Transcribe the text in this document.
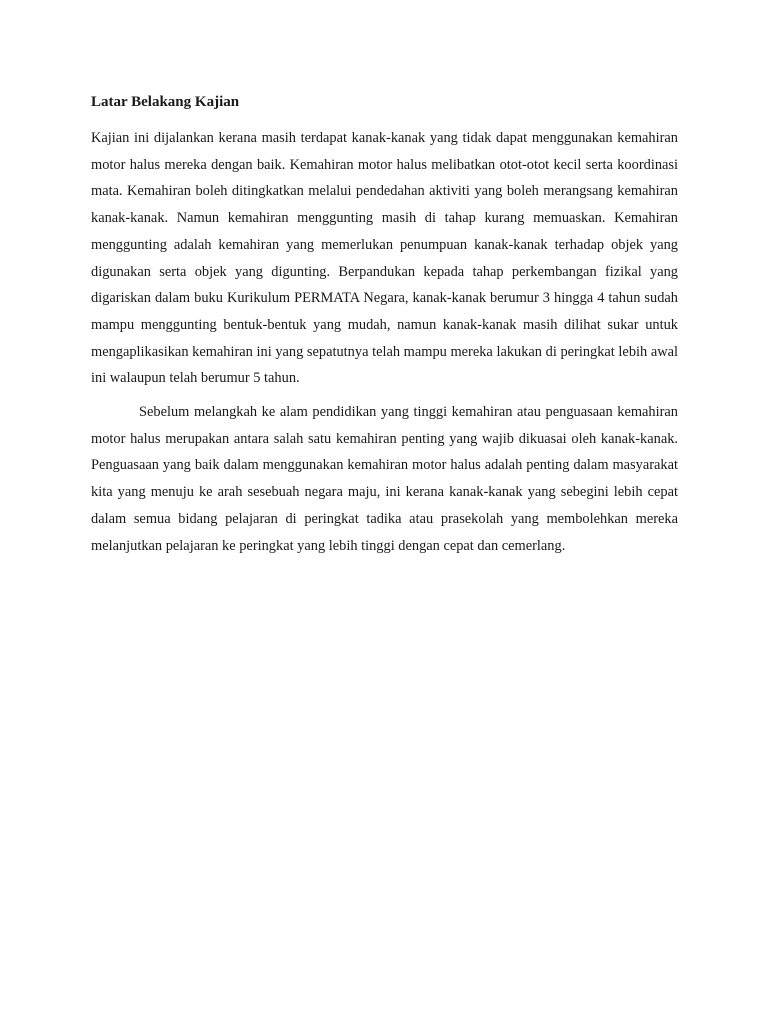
Latar Belakang Kajian

Kajian ini dijalankan kerana masih terdapat kanak-kanak yang tidak dapat menggunakan kemahiran motor halus mereka dengan baik. Kemahiran motor halus melibatkan otot-otot kecil serta koordinasi mata. Kemahiran boleh ditingkatkan melalui pendedahan aktiviti yang boleh merangsang kemahiran kanak-kanak. Namun kemahiran menggunting masih di tahap kurang memuaskan. Kemahiran menggunting adalah kemahiran yang memerlukan penumpuan kanak-kanak terhadap objek yang digunakan serta objek yang digunting. Berpandukan kepada tahap perkembangan fizikal yang digariskan dalam buku Kurikulum PERMATA Negara, kanak-kanak berumur 3 hingga 4 tahun sudah mampu menggunting bentuk-bentuk yang mudah, namun kanak-kanak masih dilihat sukar untuk mengaplikasikan kemahiran ini yang sepatutnya telah mampu mereka lakukan di peringkat lebih awal ini walaupun telah berumur 5 tahun.

Sebelum melangkah ke alam pendidikan yang tinggi kemahiran atau penguasaan kemahiran motor halus merupakan antara salah satu kemahiran penting yang wajib dikuasai oleh kanak-kanak. Penguasaan yang baik dalam menggunakan kemahiran motor halus adalah penting dalam masyarakat kita yang menuju ke arah sesebuah negara maju, ini kerana kanak-kanak yang sebegini lebih cepat dalam semua bidang pelajaran di peringkat tadika atau prasekolah yang membolehkan mereka melanjutkan pelajaran ke peringkat yang lebih tinggi dengan cepat dan cemerlang.
